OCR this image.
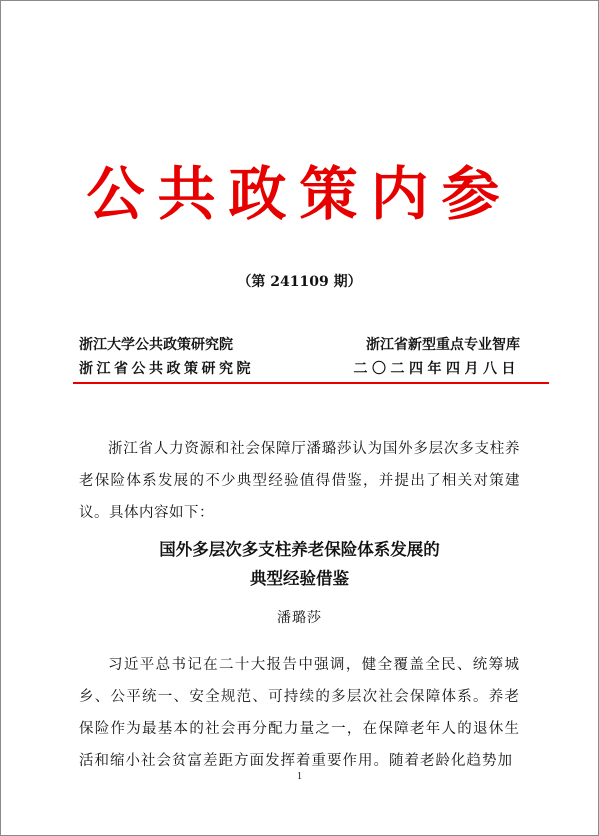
公共政策内参
（第 241109 期）
浙江大学公共政策研究院	浙江省新型重点专业智库
浙江省公共政策研究院	二〇二四年四月八日

浙江省人力资源和社会保障厅潘璐莎认为国外多层次多支柱养老保险体系发展的不少典型经验值得借鉴，并提出了相关对策建议。具体内容如下：

国外多层次多支柱养老保险体系发展的
典型经验借鉴
潘璐莎

习近平总书记在二十大报告中强调，健全覆盖全民、统筹城乡、公平统一、安全规范、可持续的多层次社会保障体系。养老保险作为最基本的社会再分配力量之一，在保障老年人的退休生活和缩小社会贫富差距方面发挥着重要作用。随着老龄化趋势加

1
